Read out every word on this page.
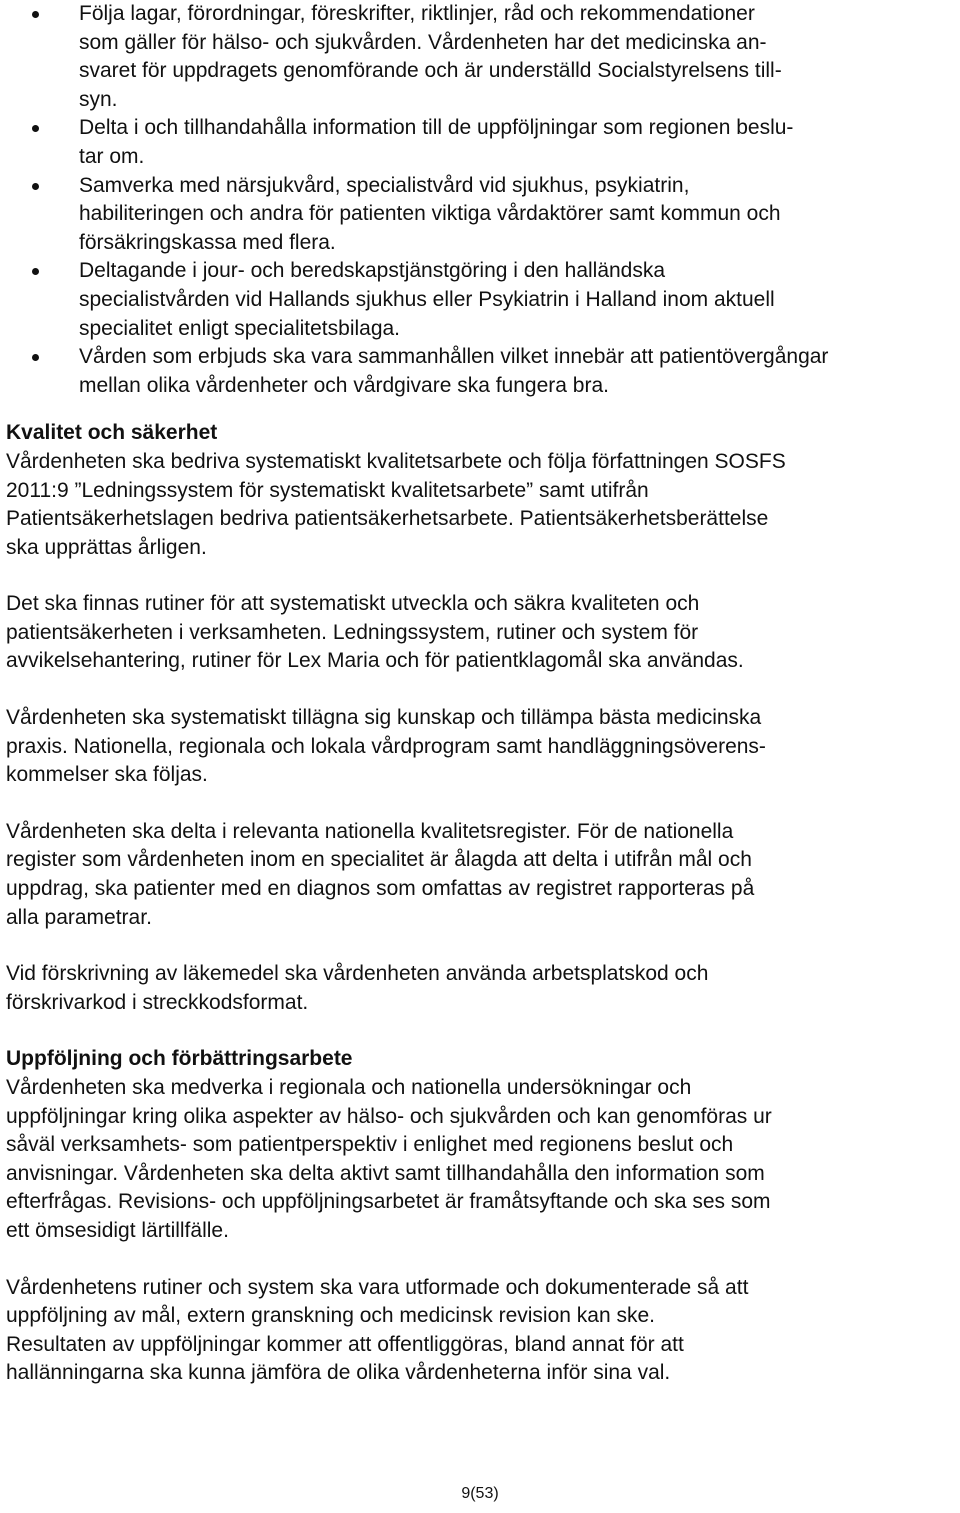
Följa lagar, förordningar, föreskrifter, riktlinjer, råd och rekommendationer
som gäller för hälso- och sjukvården. Vårdenheten har det medicinska an-
svaret för uppdragets genomförande och är underställd Socialstyrelsens till-
syn.
Delta i och tillhandahålla information till de uppföljningar som regionen beslu-
tar om.
Samverka med närsjukvård, specialistvård vid sjukhus, psykiatrin,
habiliteringen och andra för patienten viktiga vårdaktörer samt kommun och
försäkringskassa med flera.
Deltagande i jour- och beredskapstjänstgöring i den halländska
specialistvården vid Hallands sjukhus eller Psykiatrin i Halland inom aktuell
specialitet enligt specialitetsbilaga.
Vården som erbjuds ska vara sammanhållen vilket innebär att patientövergångar
mellan olika vårdenheter och vårdgivare ska fungera bra.
Kvalitet och säkerhet
Vårdenheten ska bedriva systematiskt kvalitetsarbete och följa författningen SOSFS
2011:9 ”Ledningssystem för systematiskt kvalitetsarbete” samt utifrån
Patientsäkerhetslagen bedriva patientsäkerhetsarbete. Patientsäkerhetsberättelse
ska upprättas årligen.
Det ska finnas rutiner för att systematiskt utveckla och säkra kvaliteten och
patientsäkerheten i verksamheten. Ledningssystem, rutiner och system för
avvikelsehantering, rutiner för Lex Maria och för patientklagomål ska användas.
Vårdenheten ska systematiskt tillägna sig kunskap och tillämpa bästa medicinska
praxis. Nationella, regionala och lokala vårdprogram samt handläggningsöverens-
kommelser ska följas.
Vårdenheten ska delta i relevanta nationella kvalitetsregister. För de nationella
register som vårdenheten inom en specialitet är ålagda att delta i utifrån mål och
uppdrag, ska patienter med en diagnos som omfattas av registret rapporteras på
alla parametrar.
Vid förskrivning av läkemedel ska vårdenheten använda arbetsplatskod och
förskrivarkod i streckkodsformat.
Uppföljning och förbättringsarbete
Vårdenheten ska medverka i regionala och nationella undersökningar och
uppföljningar kring olika aspekter av hälso- och sjukvården och kan genomföras ur
såväl verksamhets- som patientperspektiv i enlighet med regionens beslut och
anvisningar. Vårdenheten ska delta aktivt samt tillhandahålla den information som
efterfrågas. Revisions- och uppföljningsarbetet är framåtsyftande och ska ses som
ett ömsesidigt lärtillfälle.
Vårdenhetens rutiner och system ska vara utformade och dokumenterade så att
uppföljning av mål, extern granskning och medicinsk revision kan ske.
Resultaten av uppföljningar kommer att offentliggöras, bland annat för att
hallänningarna ska kunna jämföra de olika vårdenheterna inför sina val.
9(53)
